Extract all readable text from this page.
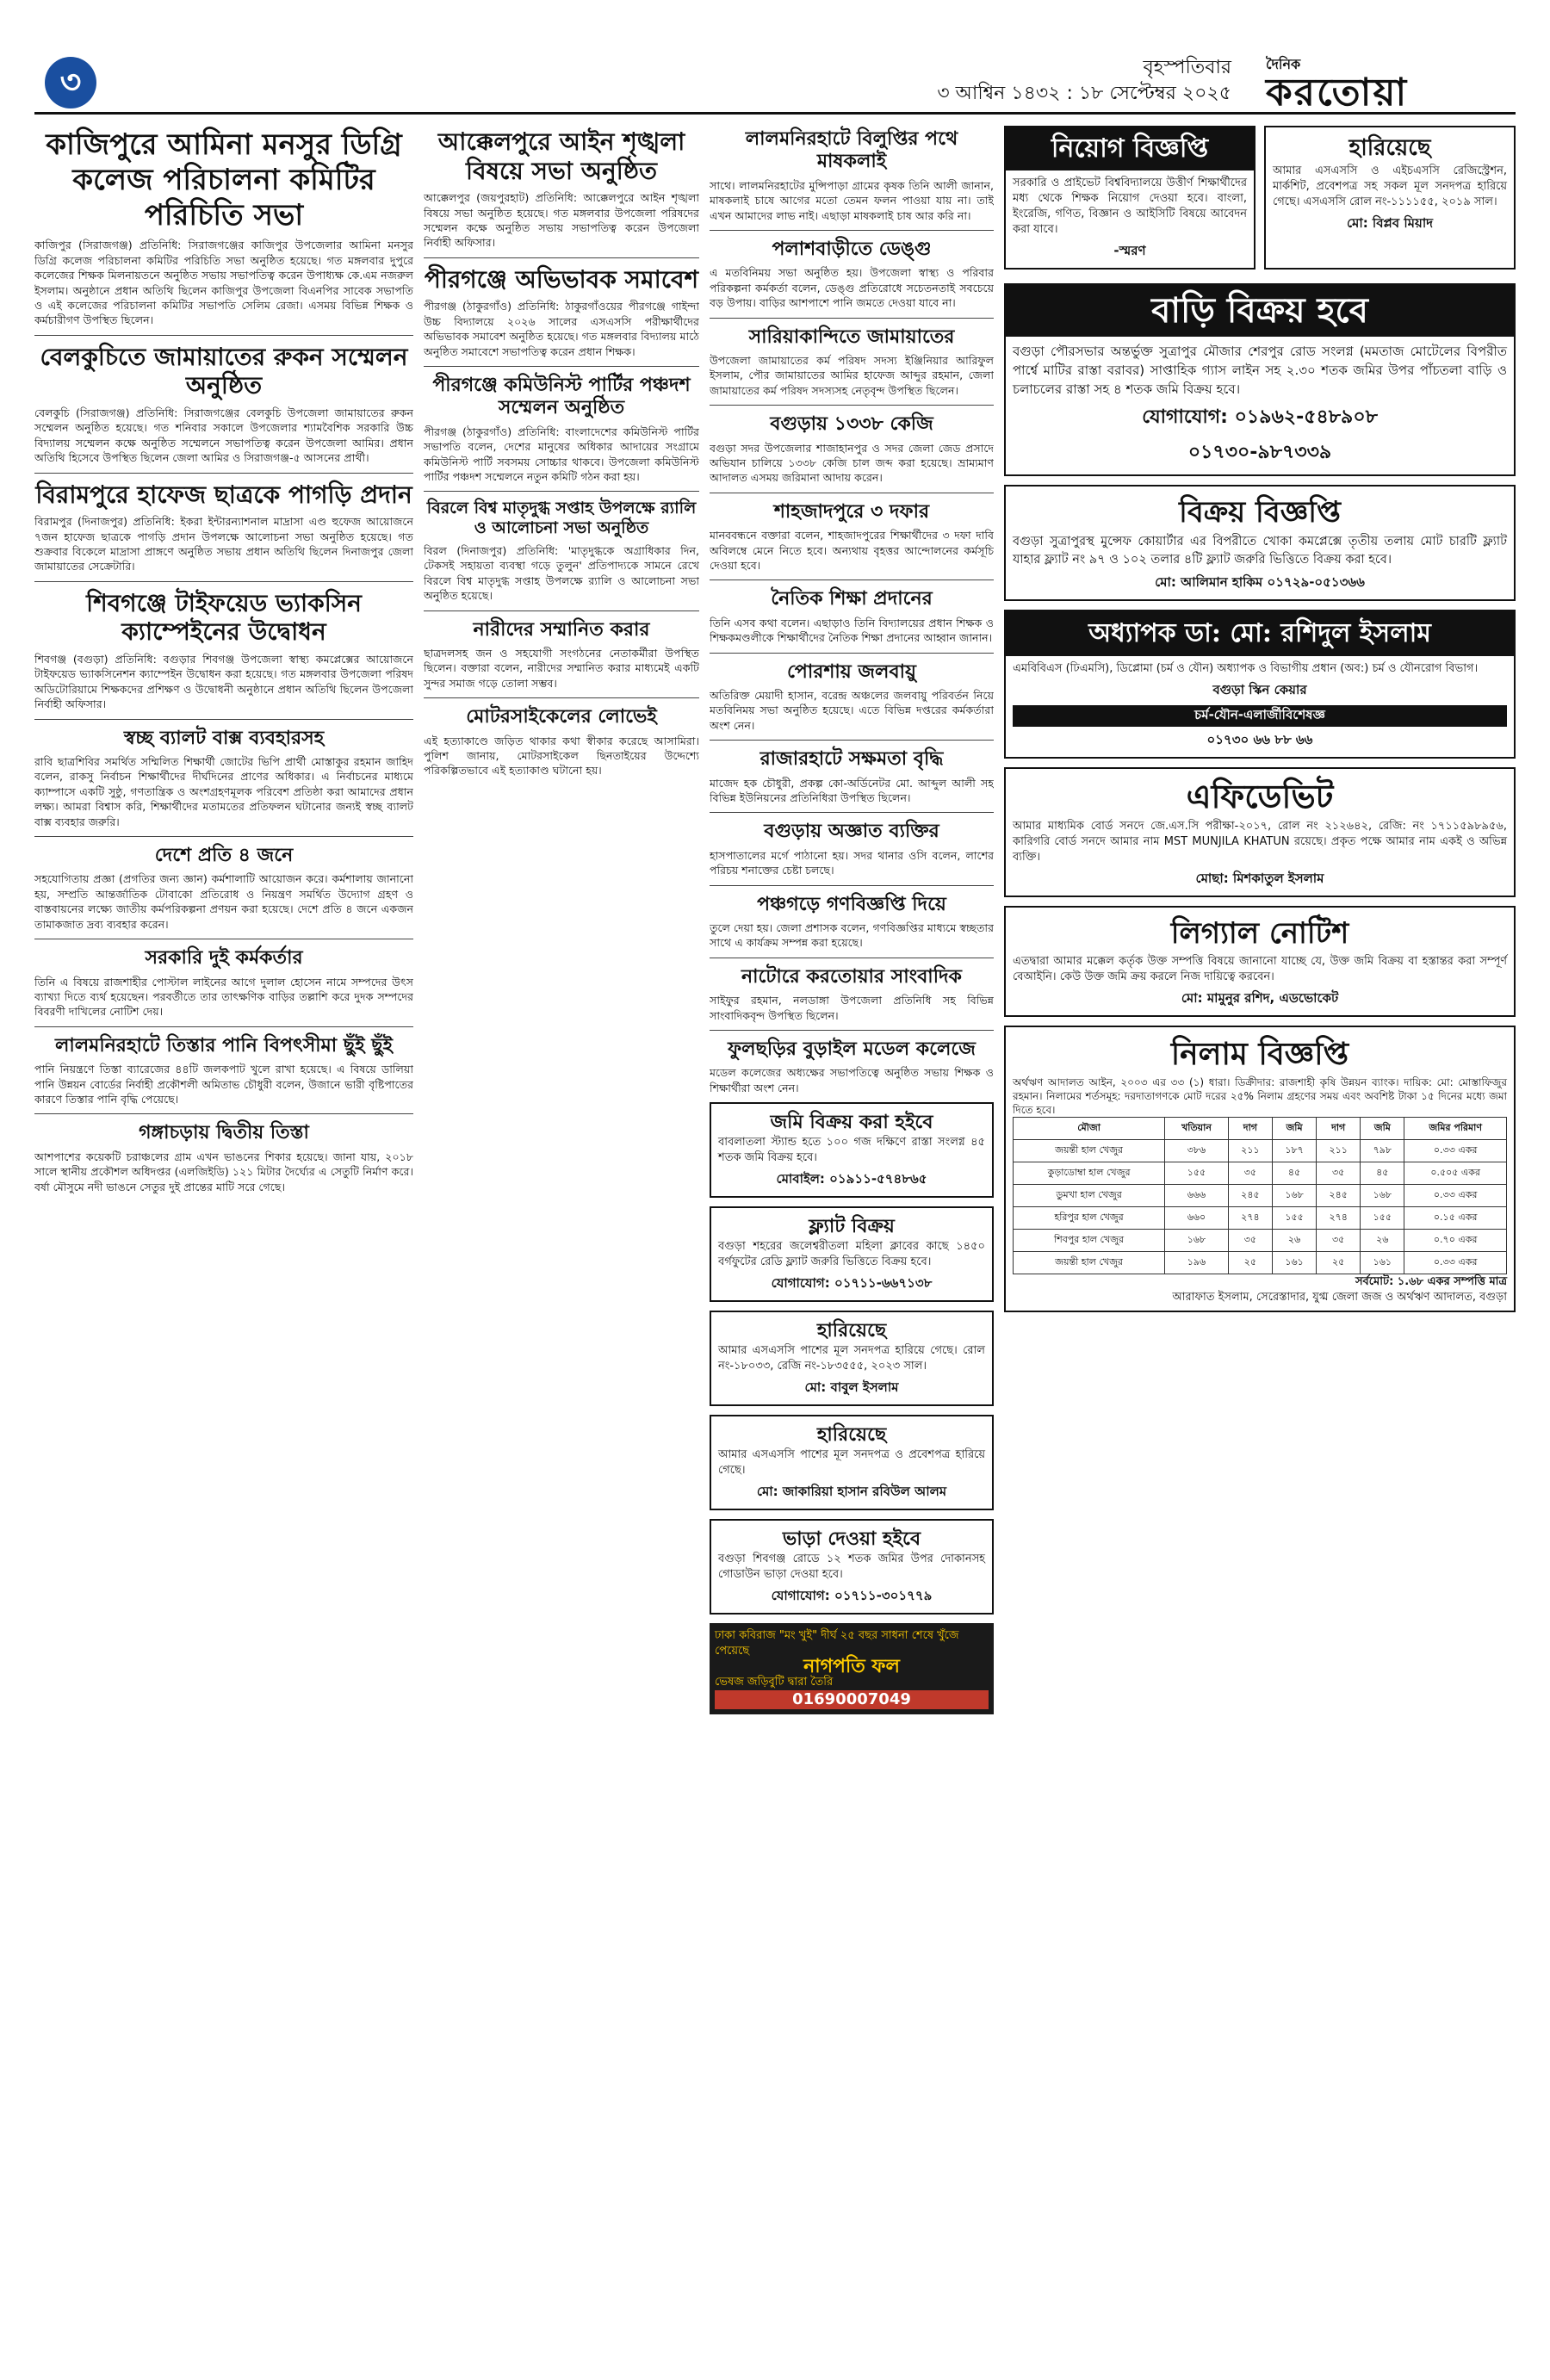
৩	বৃহস্পতিবার
৩ আশ্বিন ১৪৩২ : ১৮ সেপ্টেম্বর ২০২৫
দৈনিক
করতোয়া
কাজিপুরে আমিনা মনসুর ডিগ্রি কলেজ পরিচালনা কমিটির পরিচিতি সভা

কাজিপুর (সিরাজগঞ্জ) প্রতিনিধি: সিরাজগঞ্জের কাজিপুর উপজেলার আমিনা মনসুর ডিগ্রি কলেজ পরিচালনা কমিটির পরিচিতি সভা অনুষ্ঠিত হয়েছে। গত মঙ্গলবার দুপুরে কলেজের শিক্ষক মিলনায়তনে অনুষ্ঠিত সভায় সভাপতিত্ব করেন উপাধ্যক্ষ কে.এম নজরুল ইসলাম। অনুষ্ঠানে প্রধান অতিথি ছিলেন কাজিপুর উপজেলা বিএনপির সাবেক সভাপতি ও এই কলেজের পরিচালনা কমিটির সভাপতি সেলিম রেজা। এসময় বিভিন্ন শিক্ষক ও কর্মচারীগণ উপস্থিত ছিলেন।

বেলকুচিতে জামায়াতের রুকন সম্মেলন অনুষ্ঠিত

বেলকুচি (সিরাজগঞ্জ) প্রতিনিধি: সিরাজগঞ্জের বেলকুচি উপজেলা জামায়াতের রুকন সম্মেলন অনুষ্ঠিত হয়েছে। গত শনিবার সকালে উপজেলার শ্যামবৈশিক সরকারি উচ্চ বিদ্যালয় সম্মেলন কক্ষে অনুষ্ঠিত সম্মেলনে সভাপতিত্ব করেন উপজেলা আমির। প্রধান অতিথি হিসেবে উপস্থিত ছিলেন জেলা আমির ও সিরাজগঞ্জ-৫ আসনের প্রার্থী।

বিরামপুরে হাফেজ ছাত্রকে পাগড়ি প্রদান

বিরামপুর (দিনাজপুর) প্রতিনিধি: ইকরা ইন্টারন্যাশনাল মাদ্রাসা এণ্ড হুফেজ আয়োজনে ৭জন হাফেজ ছাত্রকে পাগড়ি প্রদান উপলক্ষে আলোচনা সভা অনুষ্ঠিত হয়েছে। গত শুক্রবার বিকেলে মাদ্রাসা প্রাঙ্গণে অনুষ্ঠিত সভায় প্রধান অতিথি ছিলেন দিনাজপুর জেলা জামায়াতের সেক্রেটারি।

শিবগঞ্জে টাইফয়েড ভ্যাকসিন ক্যাম্পেইনের উদ্বোধন

শিবগঞ্জ (বগুড়া) প্রতিনিধি: বগুড়ার শিবগঞ্জ উপজেলা স্বাস্থ্য কমপ্লেক্সের আয়োজনে টাইফয়েড ভ্যাকসিনেশন ক্যাম্পেইন উদ্বোধন করা হয়েছে। গত মঙ্গলবার উপজেলা পরিষদ অডিটোরিয়ামে শিক্ষকদের প্রশিক্ষণ ও উদ্বোধনী অনুষ্ঠানে প্রধান অতিথি ছিলেন উপজেলা নির্বাহী অফিসার।

স্বচ্ছ ব্যালট বাক্স ব্যবহারসহ

রাবি ছাত্রশিবির সমর্থিত সম্মিলিত শিক্ষার্থী জোটের ভিপি প্রার্থী মোস্তাকুর রহমান জাহিদ বলেন, রাকসু নির্বাচন শিক্ষার্থীদের দীর্ঘদিনের প্রাণের অধিকার। এ নির্বাচনের মাধ্যমে ক্যাম্পাসে একটি সুষ্ঠু, গণতান্ত্রিক ও অংশগ্রহণমূলক পরিবেশ প্রতিষ্ঠা করা আমাদের প্রধান লক্ষ্য। আমরা বিশ্বাস করি, শিক্ষার্থীদের মতামতের প্রতিফলন ঘটানোর জন্যই স্বচ্ছ ব্যালট বাক্স ব্যবহার জরুরি।

দেশে প্রতি ৪ জনে

সহযোগিতায় প্রজ্ঞা (প্রগতির জন্য জ্ঞান) কর্মশালাটি আয়োজন করে। কর্মশালায় জানানো হয়, সম্প্রতি আন্তর্জাতিক টোবাকো প্রতিরোধ ও নিয়ন্ত্রণ সমর্থিত উদ্যোগ গ্রহণ ও বাস্তবায়নের লক্ষ্যে জাতীয় কর্মপরিকল্পনা প্রণয়ন করা হয়েছে। দেশে প্রতি ৪ জনে একজন তামাকজাত দ্রব্য ব্যবহার করেন।

সরকারি দুই কর্মকর্তার

তিনি এ বিষয়ে রাজশাহীর পোস্টাল লাইনের আগে দুলাল হোসেন নামে সম্পদের উৎস ব্যাখ্যা দিতে ব্যর্থ হয়েছেন। পরবর্তীতে তার তাৎক্ষণিক বাড়ির তল্লাশি করে দুদক সম্পদের বিবরণী দাখিলের নোটিশ দেয়।

লালমনিরহাটে তিস্তার পানি বিপৎসীমা ছুঁই ছুঁই

পানি নিয়ন্ত্রণে তিস্তা ব্যারেজের ৪৪টি জলকপাট খুলে রাখা হয়েছে। এ বিষয়ে ডালিয়া পানি উন্নয়ন বোর্ডের নির্বাহী প্রকৌশলী অমিতাভ চৌধুরী বলেন, উজানে ভারী বৃষ্টিপাতের কারণে তিস্তার পানি বৃদ্ধি পেয়েছে।

গঙ্গাচড়ায় দ্বিতীয় তিস্তা

আশপাশের কয়েকটি চরাঞ্চলের গ্রাম এখন ভাঙনের শিকার হয়েছে। জানা যায়, ২০১৮ সালে স্থানীয় প্রকৌশল অধিদপ্তর (এলজিইডি) ১২১ মিটার দৈর্ঘ্যের এ সেতুটি নির্মাণ করে। বর্ষা মৌসুমে নদী ভাঙনে সেতুর দুই প্রান্তের মাটি সরে গেছে।

আক্কেলপুরে আইন শৃঙ্খলা বিষয়ে সভা অনুষ্ঠিত

আক্কেলপুর (জয়পুরহাট) প্রতিনিধি: আক্কেলপুরে আইন শৃঙ্খলা বিষয়ে সভা অনুষ্ঠিত হয়েছে। গত মঙ্গলবার উপজেলা পরিষদের সম্মেলন কক্ষে অনুষ্ঠিত সভায় সভাপতিত্ব করেন উপজেলা নির্বাহী অফিসার।

পীরগঞ্জে অভিভাবক সমাবেশ

পীরগঞ্জ (ঠাকুরগাঁও) প্রতিনিধি: ঠাকুরগাঁওয়ের পীরগঞ্জে গাইন্দা উচ্চ বিদ্যালয়ে ২০২৬ সালের এসএসসি পরীক্ষার্থীদের অভিভাবক সমাবেশ অনুষ্ঠিত হয়েছে। গত মঙ্গলবার বিদ্যালয় মাঠে অনুষ্ঠিত সমাবেশে সভাপতিত্ব করেন প্রধান শিক্ষক।

পীরগঞ্জে কমিউনিস্ট পার্টির পঞ্চদশ সম্মেলন অনুষ্ঠিত

পীরগঞ্জ (ঠাকুরগাঁও) প্রতিনিধি: বাংলাদেশের কমিউনিস্ট পার্টির সভাপতি বলেন, দেশের মানুষের অধিকার আদায়ের সংগ্রামে কমিউনিস্ট পার্টি সবসময় সোচ্চার থাকবে। উপজেলা কমিউনিস্ট পার্টির পঞ্চদশ সম্মেলনে নতুন কমিটি গঠন করা হয়।

বিরলে বিশ্ব মাতৃদুগ্ধ সপ্তাহ উপলক্ষে র‍্যালি ও আলোচনা সভা অনুষ্ঠিত

বিরল (দিনাজপুর) প্রতিনিধি: 'মাতৃদুগ্ধকে অগ্রাধিকার দিন, টেকসই সহায়তা ব্যবস্থা গড়ে তুলুন' প্রতিপাদ্যকে সামনে রেখে বিরলে বিশ্ব মাতৃদুগ্ধ সপ্তাহ উপলক্ষে র‍্যালি ও আলোচনা সভা অনুষ্ঠিত হয়েছে।

নারীদের সম্মানিত করার

ছাত্রদলসহ জন ও সহযোগী সংগঠনের নেতাকর্মীরা উপস্থিত ছিলেন। বক্তারা বলেন, নারীদের সম্মানিত করার মাধ্যমেই একটি সুন্দর সমাজ গড়ে তোলা সম্ভব।

মোটরসাইকেলের লোভেই

এই হত্যাকাণ্ডে জড়িত থাকার কথা স্বীকার করেছে আসামিরা। পুলিশ জানায়, মোটরসাইকেল ছিনতাইয়ের উদ্দেশ্যে পরিকল্পিতভাবে এই হত্যাকাণ্ড ঘটানো হয়।

লালমনিরহাটে বিলুপ্তির পথে মাষকলাই

সাথে। লালমনিরহাটের মুন্সিপাড়া গ্রামের কৃষক তিনি আলী জানান, মাষকলাই চাষে আগের মতো তেমন ফলন পাওয়া যায় না। তাই এখন আমাদের লাভ নাই। এছাড়া মাষকলাই চাষ আর করি না।

পলাশবাড়ীতে ডেঙ্গু

এ মতবিনিময় সভা অনুষ্ঠিত হয়। উপজেলা স্বাস্থ্য ও পরিবার পরিকল্পনা কর্মকর্তা বলেন, ডেঙ্গু প্রতিরোধে সচেতনতাই সবচেয়ে বড় উপায়। বাড়ির আশপাশে পানি জমতে দেওয়া যাবে না।

সারিয়াকান্দিতে জামায়াতের

উপজেলা জামায়াতের কর্ম পরিষদ সদস্য ইঞ্জিনিয়ার আরিফুল ইসলাম, পৌর জামায়াতের আমির হাফেজ আব্দুর রহমান, জেলা জামায়াতের কর্ম পরিষদ সদস্যসহ নেতৃবৃন্দ উপস্থিত ছিলেন।

বগুড়ায় ১৩৩৮ কেজি

বগুড়া সদর উপজেলার শাজাহানপুর ও সদর জেলা জেড প্রসাদে অভিযান চালিয়ে ১৩৩৮ কেজি চাল জব্দ করা হয়েছে। ভ্রাম্যমাণ আদালত এসময় জরিমানা আদায় করেন।

শাহজাদপুরে ৩ দফার

মানববন্ধনে বক্তারা বলেন, শাহজাদপুরের শিক্ষার্থীদের ৩ দফা দাবি অবিলম্বে মেনে নিতে হবে। অন্যথায় বৃহত্তর আন্দোলনের কর্মসূচি দেওয়া হবে।

নৈতিক শিক্ষা প্রদানের

তিনি এসব কথা বলেন। এছাড়াও তিনি বিদ্যালয়ের প্রধান শিক্ষক ও শিক্ষকমণ্ডলীকে শিক্ষার্থীদের নৈতিক শিক্ষা প্রদানের আহ্বান জানান।

পোরশায় জলবায়ু

অতিরিক্ত মেয়াদী হাসান, বরেন্দ্র অঞ্চলের জলবায়ু পরিবর্তন নিয়ে মতবিনিময় সভা অনুষ্ঠিত হয়েছে। এতে বিভিন্ন দপ্তরের কর্মকর্তারা অংশ নেন।

রাজারহাটে সক্ষমতা বৃদ্ধি

মাজেদ হক চৌধুরী, প্রকল্প কো-অর্ডিনেটর মো. আব্দুল আলী সহ বিভিন্ন ইউনিয়নের প্রতিনিধিরা উপস্থিত ছিলেন।

বগুড়ায় অজ্ঞাত ব্যক্তির

হাসপাতালের মর্গে পাঠানো হয়। সদর থানার ওসি বলেন, লাশের পরিচয় শনাক্তের চেষ্টা চলছে।

পঞ্চগড়ে গণবিজ্ঞপ্তি দিয়ে

তুলে দেয়া হয়। জেলা প্রশাসক বলেন, গণবিজ্ঞপ্তির মাধ্যমে স্বচ্ছতার সাথে এ কার্যক্রম সম্পন্ন করা হয়েছে।

নাটোরে করতোয়ার সাংবাদিক

সাইফুর রহমান, নলডাঙ্গা উপজেলা প্রতিনিধি সহ বিভিন্ন সাংবাদিকবৃন্দ উপস্থিত ছিলেন।

ফুলছড়ির বুড়াইল মডেল কলেজে

মডেল কলেজের অধ্যক্ষের সভাপতিত্বে অনুষ্ঠিত সভায় শিক্ষক ও শিক্ষার্থীরা অংশ নেন।

জমি বিক্রয় করা হইবে
বাবলাতলা স্ট্যান্ড হতে ১০০ গজ দক্ষিণে রাস্তা সংলগ্ন ৪৫ শতক জমি বিক্রয় হবে।
মোবাইল: ০১৯১১-৫৭৪৮৬৫
ফ্ল্যাট বিক্রয়
বগুড়া শহরের জলেশ্বরীতলা মহিলা ক্লাবের কাছে ১৪৫০ বর্গফুটের রেডি ফ্ল্যাট জরুরি ভিত্তিতে বিক্রয় হবে।
যোগাযোগ: ০১৭১১-৬৬৭১৩৮
হারিয়েছে
আমার এসএসসি পাশের মূল সনদপত্র হারিয়ে গেছে। রোল নং-১৮০৩৩, রেজি নং-১৮৩৫৫৫, ২০২৩ সাল।
মো: বাবুল ইসলাম
হারিয়েছে
আমার এসএসসি পাশের মূল সনদপত্র ও প্রবেশপত্র হারিয়ে গেছে।
মো: জাকারিয়া হাসান রবিউল আলম
ভাড়া দেওয়া হইবে
বগুড়া শিবগঞ্জ রোডে ১২ শতক জমির উপর দোকানসহ গোডাউন ভাড়া দেওয়া হবে।
যোগাযোগ: ০১৭১১-৩০১৭৭৯
ঢাকা কবিরাজ "মং খুই" দীর্ঘ ২৫ বছর সাধনা শেষে খুঁজে পেয়েছে
নাগপতি ফল
ভেষজ জড়িবুটি দ্বারা তৈরি
01690007049
নিয়োগ বিজ্ঞপ্তি
সরকারি ও প্রাইভেট বিশ্ববিদ্যালয়ে উত্তীর্ণ শিক্ষার্থীদের মধ্য থেকে শিক্ষক নিয়োগ দেওয়া হবে। বাংলা, ইংরেজি, গণিত, বিজ্ঞান ও আইসিটি বিষয়ে আবেদন করা যাবে।
-স্মরণ
হারিয়েছে
আমার এসএসসি ও এইচএসসি রেজিস্ট্রেশন, মার্কশিট, প্রবেশপত্র সহ সকল মূল সনদপত্র হারিয়ে গেছে। এসএসসি রোল নং-১১১১৫৫, ২০১৯ সাল।
মো: বিপ্লব মিয়াদ
বাড়ি বিক্রয় হবে
বগুড়া পৌরসভার অন্তর্ভুক্ত সুত্রাপুর মৌজার শেরপুর রোড সংলগ্ন (মমতাজ মোটেলের বিপরীত পার্শ্বে মাটির রাস্তা বরাবর) সাপ্তাহিক গ্যাস লাইন সহ ২.৩০ শতক জমির উপর পাঁচতলা বাড়ি ও চলাচলের রাস্তা সহ ৪ শতক জমি বিক্রয় হবে।
যোগাযোগ: ০১৯৬২-৫৪৮৯০৮
০১৭৩০-৯৮৭৩৩৯
বিক্রয় বিজ্ঞপ্তি
বগুড়া সুত্রাপুরস্থ মুন্সেফ কোয়ার্টার এর বিপরীতে খোকা কমপ্লেক্সে তৃতীয় তলায় মোট চারটি ফ্ল্যাট যাহার ফ্ল্যাট নং ৯৭ ও ১০২ তলার ৪টি ফ্ল্যাট জরুরি ভিত্তিতে বিক্রয় করা হবে।
মো: আলিমান হাকিম ০১৭২৯-০৫১৩৬৬
অধ্যাপক ডা: মো: রশিদুল ইসলাম
এমবিবিএস (ঢিএমসি), ডিপ্লোমা (চর্ম ও যৌন) অধ্যাপক ও বিভাগীয় প্রধান (অব:) চর্ম ও যৌনরোগ বিভাগ।
বগুড়া স্কিন কেয়ার
চর্ম-যৌন-এলার্জীবিশেষজ্ঞ
০১৭৩০ ৬৬ ৮৮ ৬৬
এফিডেভিট
আমার মাধ্যমিক বোর্ড সনদে জে.এস.সি পরীক্ষা-২০১৭, রোল নং ২১২৬৪২, রেজি: নং ১৭১১৫৯৮৯৫৬, কারিগরি বোর্ড সনদে আমার নাম MST MUNJILA KHATUN রয়েছে। প্রকৃত পক্ষে আমার নাম একই ও অভিন্ন ব্যক্তি।
মোছা: মিশকাতুল ইসলাম
লিগ্যাল নোটিশ
এতদ্বারা আমার মক্কেল কর্তৃক উক্ত সম্পত্তি বিষয়ে জানানো যাচ্ছে যে, উক্ত জমি বিক্রয় বা হস্তান্তর করা সম্পূর্ণ বেআইনি। কেউ উক্ত জমি ক্রয় করলে নিজ দায়িত্বে করবেন।
মো: মামুনুর রশিদ, এডভোকেট
নিলাম বিজ্ঞপ্তি
অর্থঋণ আদালত আইন, ২০০৩ এর ৩৩ (১) ধারা। ডিক্রীদার: রাজশাহী কৃষি উন্নয়ন ব্যাংক। দায়িক: মো: মোস্তাফিজুর রহমান। নিলামের শর্তসমূহ: দরদাতাগণকে মোট দরের ২৫% নিলাম গ্রহণের সময় এবং অবশিষ্ট টাকা ১৫ দিনের মধ্যে জমা দিতে হবে।
মৌজা	খতিয়ান	দাগ	জমি	দাগ	জমি	জমির পরিমাণ
জয়ন্তী হাল খেজুর	৩৮৬	২১১	১৮৭	২১১	৭৯৮	০.৩৩ একর
কুড়াডোম্বা হাল খেজুর	১৫৫	৩৫	৪৫	৩৫	৪৫	০.৫০৫ একর
ডুমখা হাল খেজুর	৬৬৬	২৪৫	১৬৮	২৪৫	১৬৮	০.৩৩ একর
হরিপুর হাল খেজুর	৬৬০	২৭৪	১৫৫	২৭৪	১৫৫	০.১৫ একর
শিবপুর হাল খেজুর	১৬৮	৩৫	২৬	৩৫	২৬	০.৭০ একর
জয়ন্তী হাল খেজুর	১৯৬	২৫	১৬১	২৫	১৬১	০.৩৩ একর
সর্বমোট: ১.৬৮ একর সম্পত্তি মাত্র
আরাফাত ইসলাম, সেরেস্তাদার, যুগ্ম জেলা জজ ও অর্থঋণ আদালত, বগুড়া
